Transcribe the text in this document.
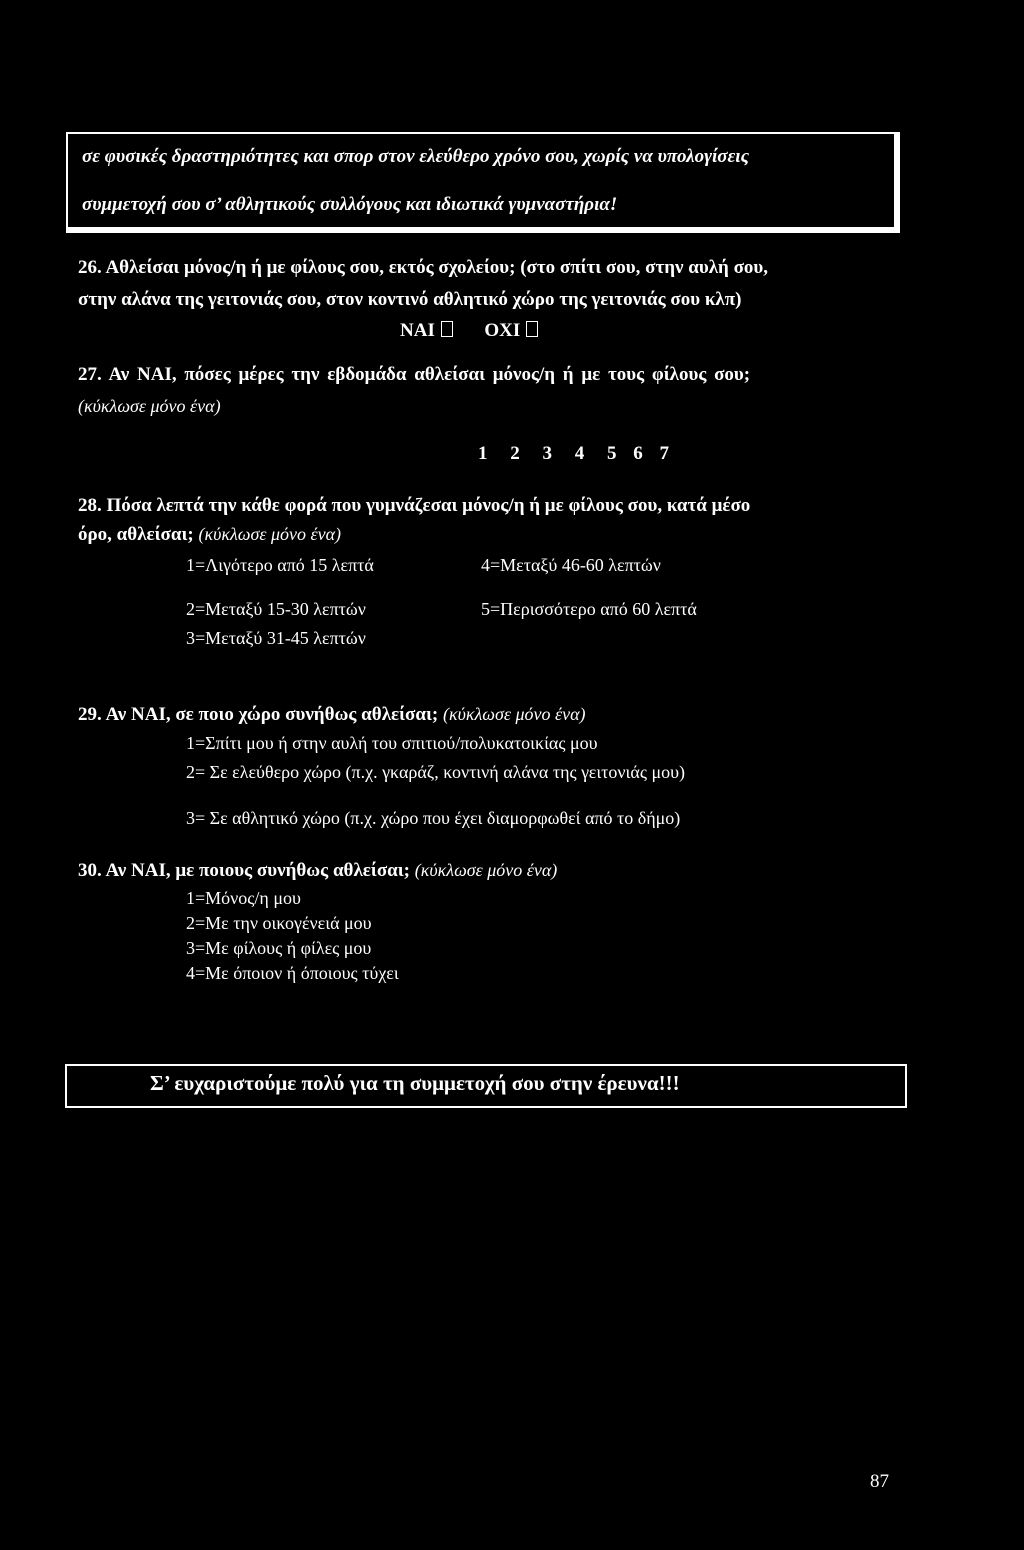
σε φυσικές δραστηριότητες και σπορ στον ελεύθερο χρόνο σου, χωρίς να υπολογίσεις
συμμετοχή σου σ’ αθλητικούς συλλόγους και ιδιωτικά γυμναστήρια!
26. Αθλείσαι μόνος/η ή με φίλους σου, εκτός σχολείου; (στο σπίτι σου, στην αυλή σου,
στην αλάνα της γειτονιάς σου, στον κοντινό αθλητικό χώρο της γειτονιάς σου κλπ)
ΝΑΙ	ΟΧΙ
27. Αν ΝΑΙ, πόσες μέρες την εβδομάδα αθλείσαι μόνος/η ή με τους φίλους σου;
(κύκλωσε μόνο ένα)
1 2 3 4 5 6 7
28. Πόσα λεπτά την κάθε φορά που γυμνάζεσαι μόνος/η ή με φίλους σου, κατά μέσο
όρο, αθλείσαι; (κύκλωσε μόνο ένα)
1=Λιγότερο από 15 λεπτά	4=Μεταξύ 46-60 λεπτών
2=Μεταξύ 15-30 λεπτών	5=Περισσότερο από 60 λεπτά
3=Μεταξύ 31-45 λεπτών
29. Αν ΝΑΙ, σε ποιο χώρο συνήθως αθλείσαι; (κύκλωσε μόνο ένα)
1=Σπίτι μου ή στην αυλή του σπιτιού/πολυκατοικίας μου
2= Σε ελεύθερο χώρο (π.χ. γκαράζ, κοντινή αλάνα της γειτονιάς μου)
3= Σε αθλητικό χώρο (π.χ. χώρο που έχει διαμορφωθεί από το δήμο)
30. Αν ΝΑΙ, με ποιους συνήθως αθλείσαι; (κύκλωσε μόνο ένα)
1=Μόνος/η μου
2=Με την οικογένειά μου
3=Με φίλους ή φίλες μου
4=Με όποιον ή όποιους τύχει
Σ’ ευχαριστούμε πολύ για τη συμμετοχή σου στην έρευνα!!!
87
